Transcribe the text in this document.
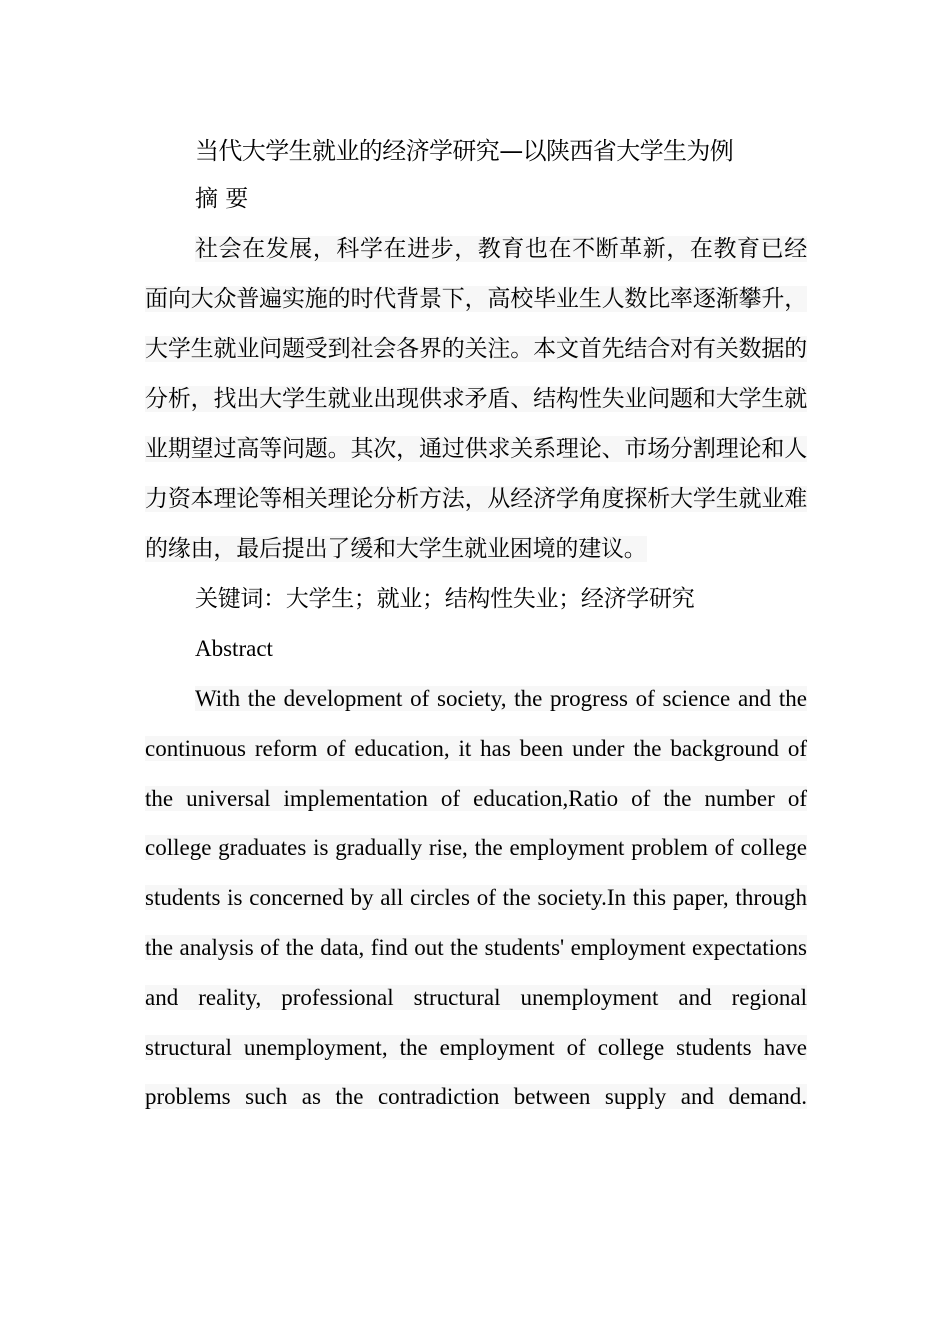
当代大学生就业的经济学研究—以陕西省大学生为例
摘 要

社会在发展，科学在进步，教育也在不断革新，在教育已经面向大众普遍实施的时代背景下，高校毕业生人数比率逐渐攀升，大学生就业问题受到社会各界的关注。本文首先结合对有关数据的分析，找出大学生就业出现供求矛盾、结构性失业问题和大学生就业期望过高等问题。其次，通过供求关系理论、市场分割理论和人力资本理论等相关理论分析方法，从经济学角度探析大学生就业难的缘由，最后提出了缓和大学生就业困境的建议。

关键词：大学生；就业；结构性失业；经济学研究
Abstract

With the development of society, the progress of science and the continuous reform of education, it has been under the background of the universal implementation of education,Ratio of the number of college graduates is gradually rise, the employment problem of college students is concerned by all circles of the society.In this paper, through the analysis of the data, find out the students' employment expectations and reality, professional structural unemployment and regional structural unemployment, the employment of college students have problems such as the contradiction between supply and demand.
